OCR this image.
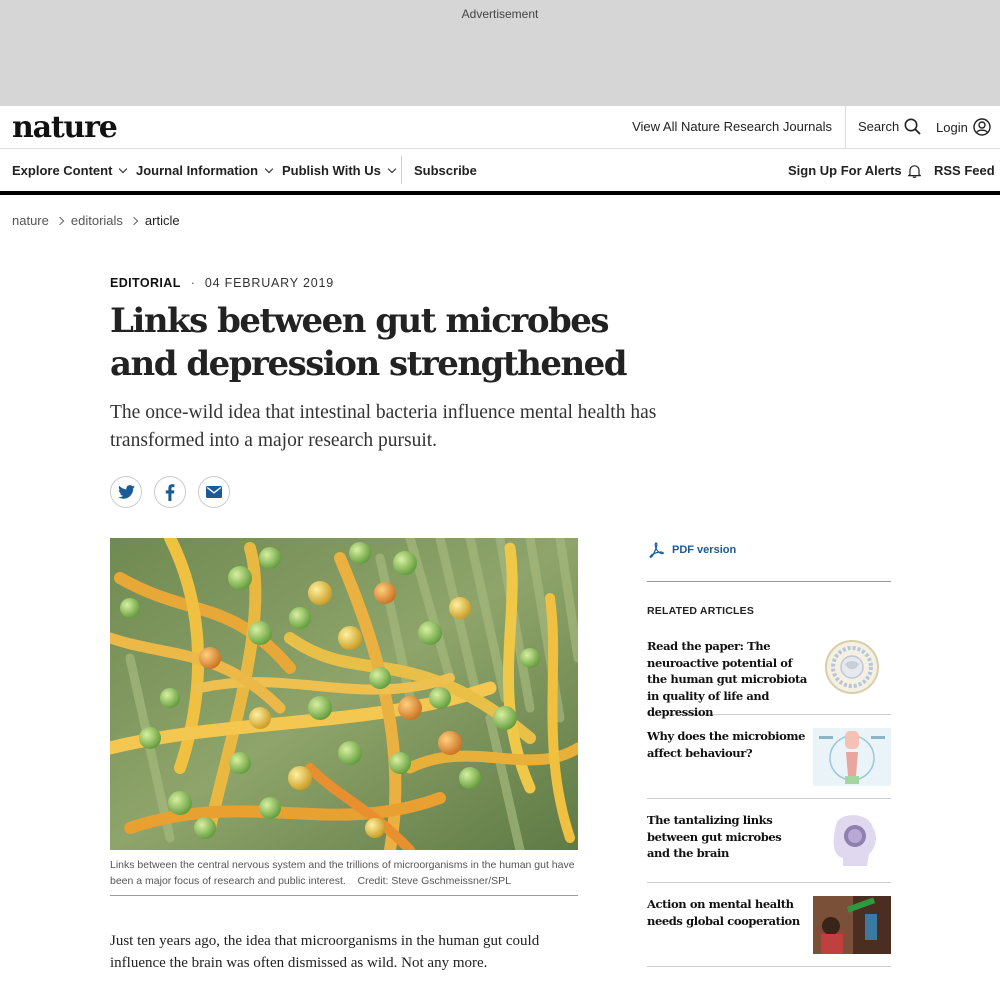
Advertisement
nature	View All Nature Research Journals Search	Login
Explore Content Journal Information Publish With Us	Subscribe	Sign Up For Alerts RSS Feed
nature editorials article
EDITORIAL · 04 FEBRUARY 2019
Links between gut microbes and depression strengthened

The once-wild idea that intestinal bacteria influence mental health has transformed into a major research pursuit.

Links between the central nervous system and the trillions of microorganisms in the human gut have been a major focus of research and public interest. Credit: Steve Gschmeissner/SPL

Just ten years ago, the idea that microorganisms in the human gut could influence the brain was often dismissed as wild. Not any more.

PDF version
RELATED ARTICLES
Read the paper: The neuroactive potential of the human gut microbiota in quality of life and depression
Why does the microbiome affect behaviour?
The tantalizing links between gut microbes and the brain
Action on mental health needs global cooperation
